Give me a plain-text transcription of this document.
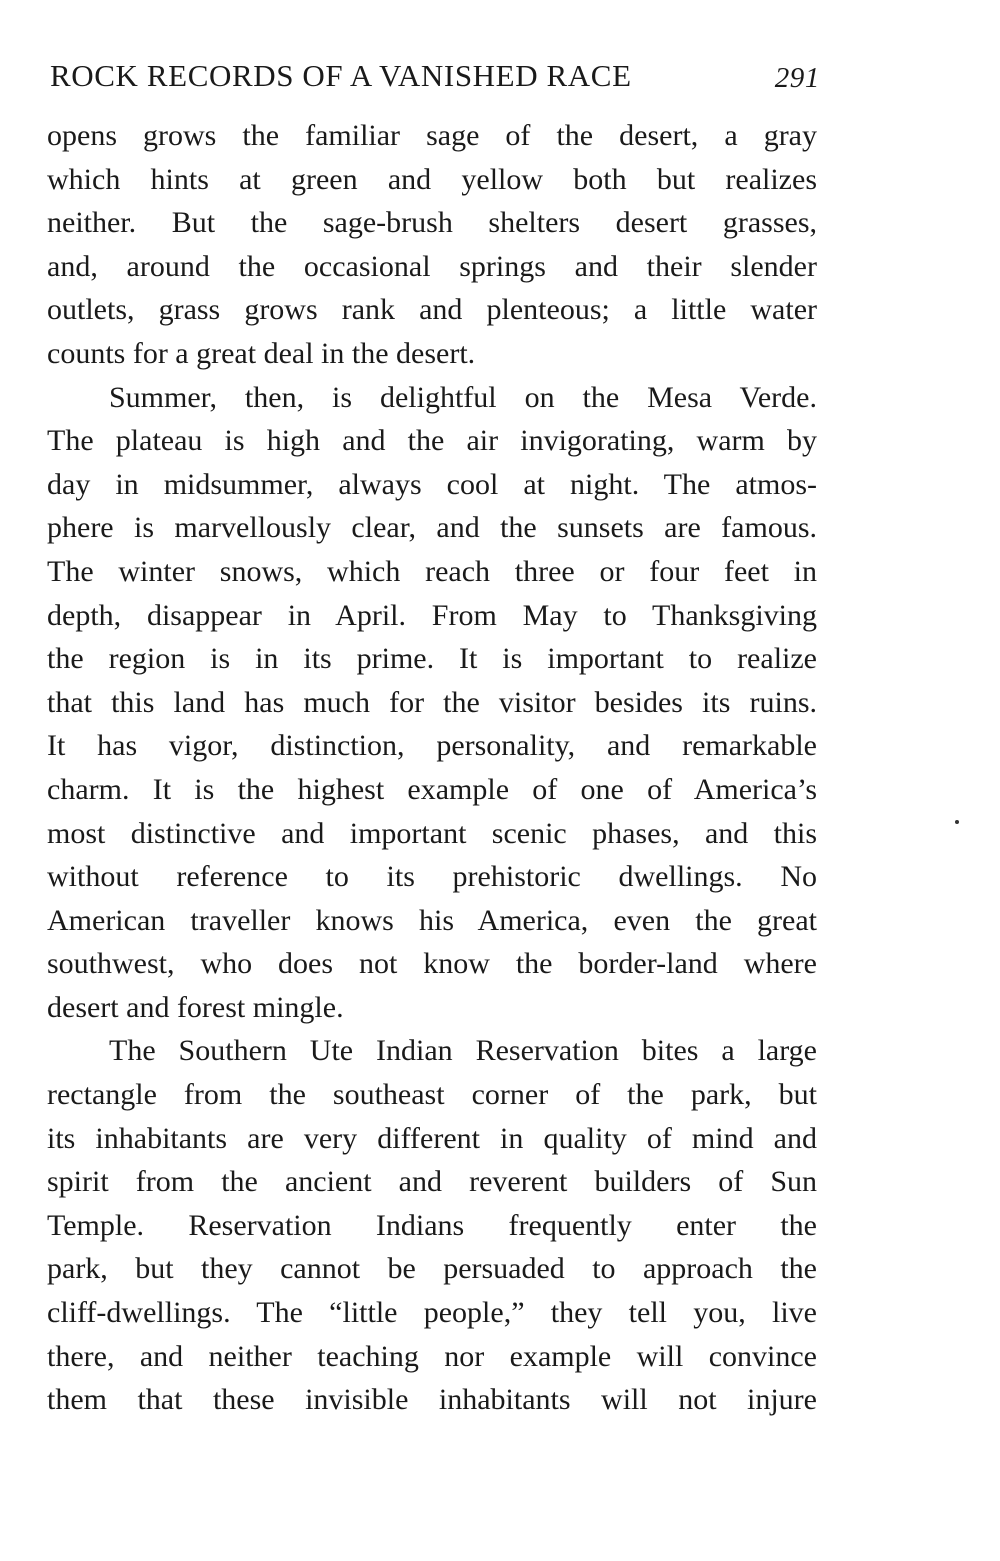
ROCK RECORDS OF A VANISHED RACE	291
opens grows the familiar sage of the desert, a gray
which hints at green and yellow both but realizes
neither. But the sage-brush shelters desert grasses,
and, around the occasional springs and their slender
outlets, grass grows rank and plenteous; a little water
counts for a great deal in the desert.
Summer, then, is delightful on the Mesa Verde.
The plateau is high and the air invigorating, warm by
day in midsummer, always cool at night. The atmos-
phere is marvellously clear, and the sunsets are famous.
The winter snows, which reach three or four feet in
depth, disappear in April. From May to Thanksgiving
the region is in its prime. It is important to realize
that this land has much for the visitor besides its ruins.
It has vigor, distinction, personality, and remarkable
charm. It is the highest example of one of America’s
most distinctive and important scenic phases, and this
without reference to its prehistoric dwellings. No
American traveller knows his America, even the great
southwest, who does not know the border-land where
desert and forest mingle.
The Southern Ute Indian Reservation bites a large
rectangle from the southeast corner of the park, but
its inhabitants are very different in quality of mind and
spirit from the ancient and reverent builders of Sun
Temple. Reservation Indians frequently enter the
park, but they cannot be persuaded to approach the
cliff-dwellings. The “little people,” they tell you, live
there, and neither teaching nor example will convince
them that these invisible inhabitants will not injure
